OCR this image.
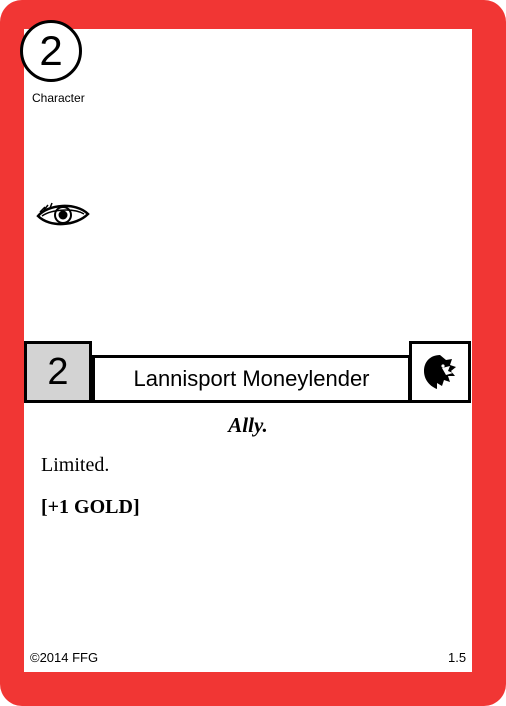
2
Character
2	Lannisport Moneylender
Ally.
Limited.
[+1 GOLD]
©2014 FFG	1.5
